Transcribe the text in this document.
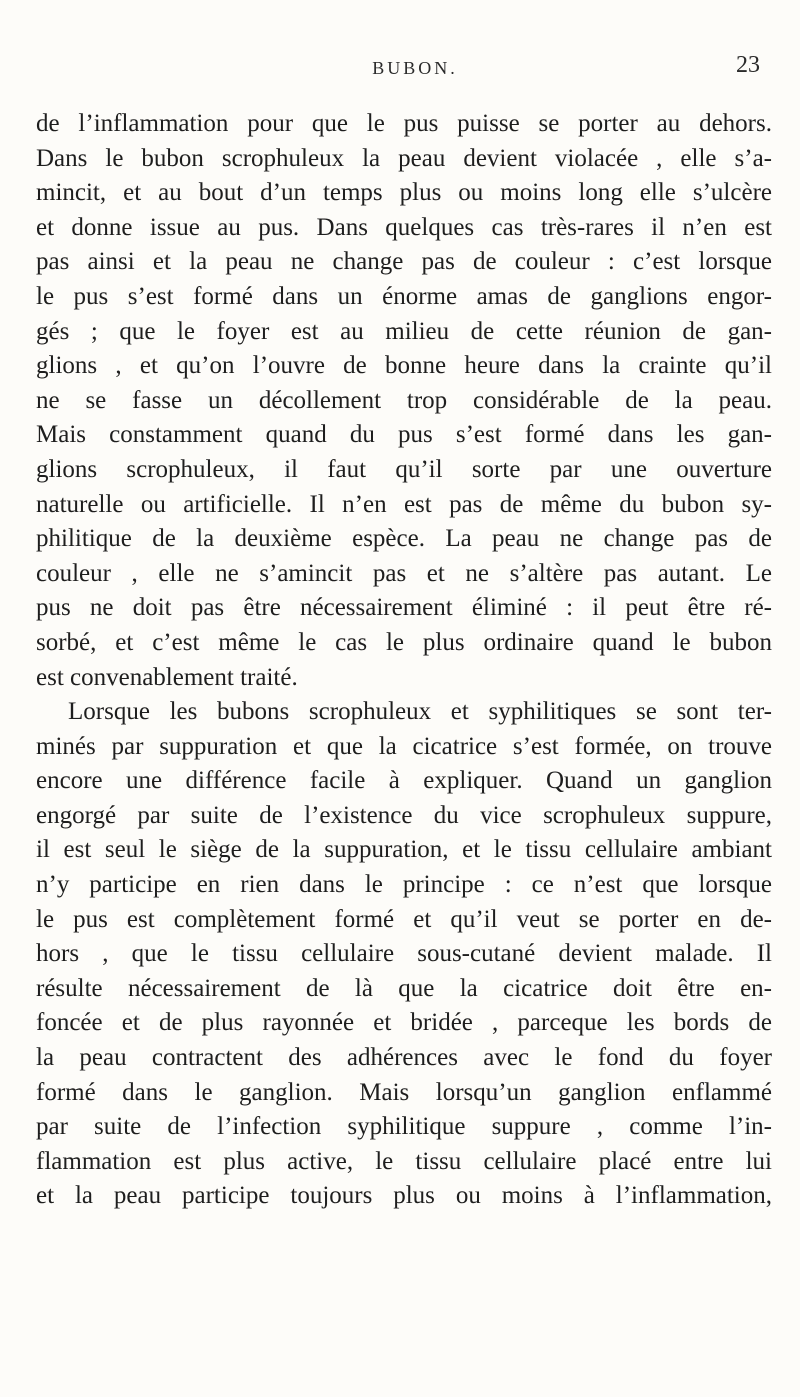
BUBON.	23
de l’inflammation pour que le pus puisse se porter au dehors.
Dans le bubon scrophuleux la peau devient violacée , elle s’a-
mincit, et au bout d’un temps plus ou moins long elle s’ulcère
et donne issue au pus. Dans quelques cas très-rares il n’en est
pas ainsi et la peau ne change pas de couleur : c’est lorsque
le pus s’est formé dans un énorme amas de ganglions engor-
gés ; que le foyer est au milieu de cette réunion de gan-
glions , et qu’on l’ouvre de bonne heure dans la crainte qu’il
ne se fasse un décollement trop considérable de la peau.
Mais constamment quand du pus s’est formé dans les gan-
glions scrophuleux, il faut qu’il sorte par une ouverture
naturelle ou artificielle. Il n’en est pas de même du bubon sy-
philitique de la deuxième espèce. La peau ne change pas de
couleur , elle ne s’amincit pas et ne s’altère pas autant. Le
pus ne doit pas être nécessairement éliminé : il peut être ré-
sorbé, et c’est même le cas le plus ordinaire quand le bubon
est convenablement traité.
Lorsque les bubons scrophuleux et syphilitiques se sont ter-
minés par suppuration et que la cicatrice s’est formée, on trouve
encore une différence facile à expliquer. Quand un ganglion
engorgé par suite de l’existence du vice scrophuleux suppure,
il est seul le siège de la suppuration, et le tissu cellulaire ambiant
n’y participe en rien dans le principe : ce n’est que lorsque
le pus est complètement formé et qu’il veut se porter en de-
hors , que le tissu cellulaire sous-cutané devient malade. Il
résulte nécessairement de là que la cicatrice doit être en-
foncée et de plus rayonnée et bridée , parceque les bords de
la peau contractent des adhérences avec le fond du foyer
formé dans le ganglion. Mais lorsqu’un ganglion enflammé
par suite de l’infection syphilitique suppure , comme l’in-
flammation est plus active, le tissu cellulaire placé entre lui
et la peau participe toujours plus ou moins à l’inflammation,
